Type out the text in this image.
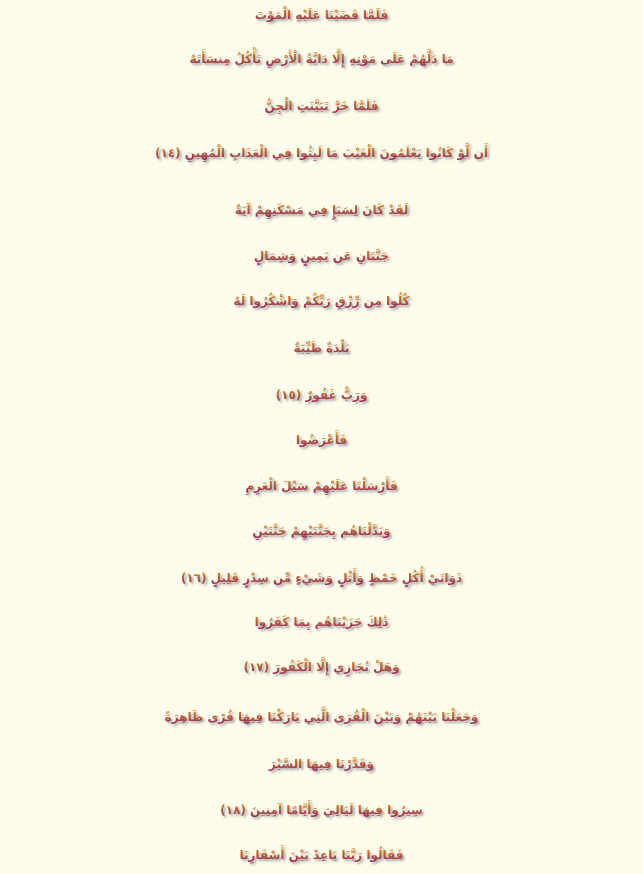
فَلَمَّا قَضَيْنَا عَلَيْهِ الْمَوْتَ
مَا دَلَّهُمْ عَلَى مَوْتِهِ إِلَّا دَابَّةُ الْأَرْضِ تَأْكُلُ مِنسَأَتَهُ
فَلَمَّا خَرَّ تَبَيَّنَتِ الْجِنُّ
أَن لَّوْ كَانُوا يَعْلَمُونَ الْغَيْبَ مَا لَبِثُوا فِي الْعَذَابِ الْمُهِينِ (١٤)
لَقَدْ كَانَ لِسَبَإٍ فِي مَسْكَنِهِمْ آيَةٌ
جَنَّتَانِ عَن يَمِينٍ وَشِمَالٍ
كُلُوا مِن رِّزْقِ رَبِّكُمْ وَاشْكُرُوا لَهُ
بَلْدَةٌ طَيِّبَةٌ
وَرَبٌّ غَفُورٌ (١٥)
فَأَعْرَضُوا
فَأَرْسَلْنَا عَلَيْهِمْ سَيْلَ الْعَرِمِ
وَبَدَّلْنَاهُم بِجَنَّتَيْهِمْ جَنَّتَيْنِ
ذَوَاتَيْ أُكُلٍ خَمْطٍ وَأَثْلٍ وَشَيْءٍ مِّن سِدْرٍ قَلِيلٍ (١٦)
ذَٰلِكَ جَزَيْنَاهُم بِمَا كَفَرُوا
وَهَلْ نُجَازِي إِلَّا الْكَفُورَ (١٧)
وَجَعَلْنَا بَيْنَهُمْ وَبَيْنَ الْقُرَى الَّتِي بَارَكْنَا فِيهَا قُرًى ظَاهِرَةً
وَقَدَّرْنَا فِيهَا السَّيْرَ
سِيرُوا فِيهَا لَيَالِيَ وَأَيَّامًا آمِنِينَ (١٨)
فَقَالُوا رَبَّنَا بَاعِدْ بَيْنَ أَسْفَارِنَا
